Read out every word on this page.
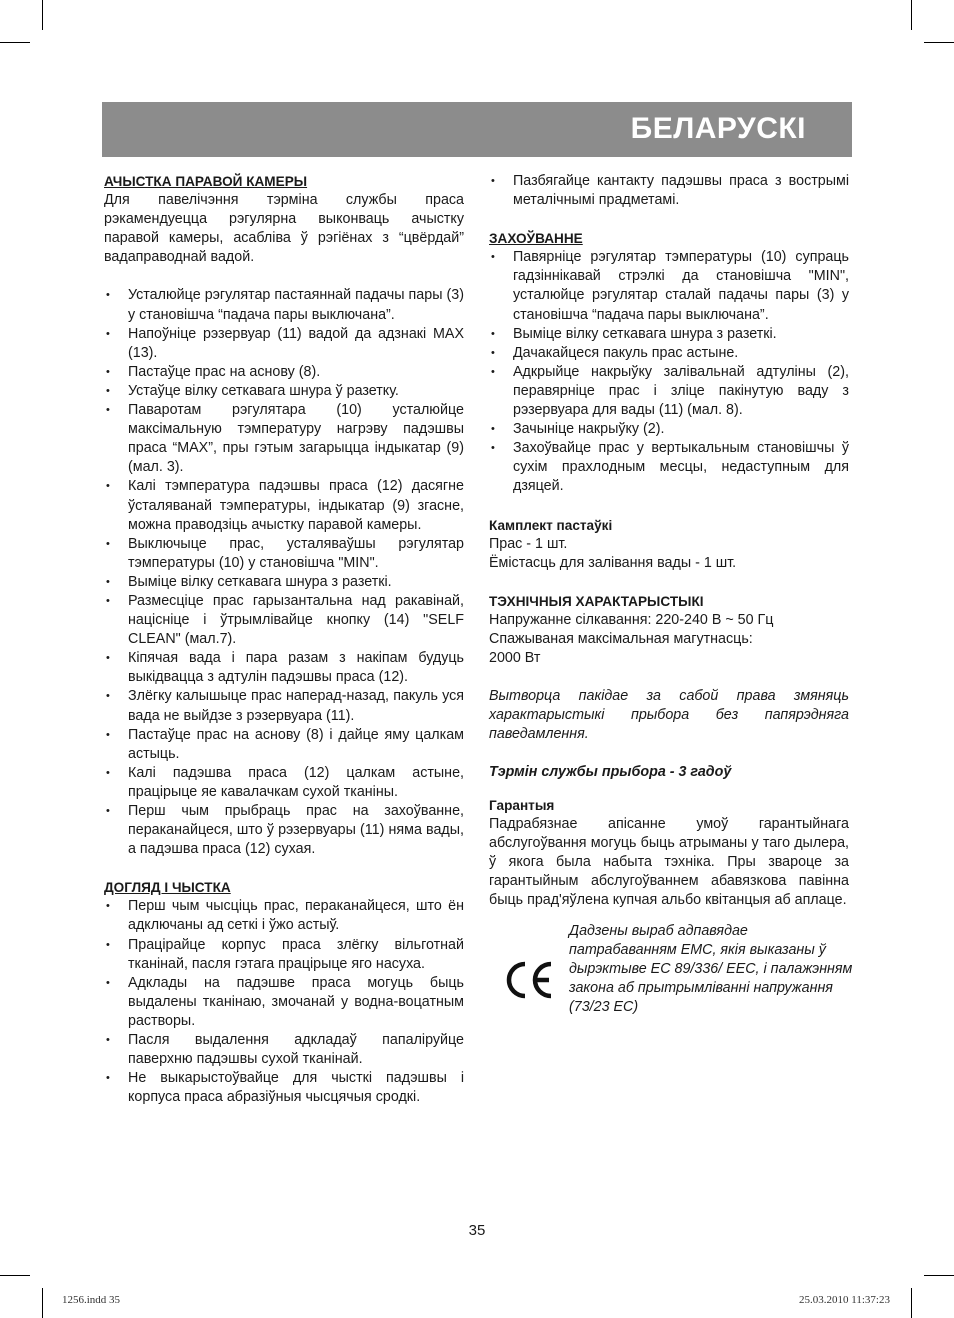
БЕЛАРУСКІ
АЧЫСТКА ПАРАВОЙ КАМЕРЫ
Для павелічэння тэрміна службы праса рэкамендуецца рэгулярна выконваць ачыстку паравой камеры, асабліва ў рэгіёнах з “цвёрдай” вадаправоднай вадой.
• Усталюйце рэгулятар пастаяннай падачы пары (3) у становішча “падача пары выключана”.
• Напоўніце рэзервуар (11) вадой да адзнакі MAX (13).
• Пастаўце прас на аснову (8).
• Устаўце вілку сеткавага шнура ў разетку.
• Паваротам рэгулятара (10) усталюйце максімальную тэмпературу нагрэву падэшвы праса “MAX”, пры гэтым загарыцца індыкатар (9) (мал. 3).
• Калі тэмпература падэшвы праса (12) дасягне ўсталяванай тэмпературы, індыкатар (9) згасне, можна праводзіць ачыстку паравой камеры.
• Выключыце прас, усталяваўшы рэгулятар тэмпературы (10) у становішча "MIN".
• Выміце вілку сеткавага шнура з разеткі.
• Размесціце прас гарызантальна над ракавінай, націсніце і ўтрымлівайце кнопку (14) "SELF CLEAN" (мал.7).
• Кіпячая вада і пара разам з накіпам будуць выкідвацца з адтулін падэшвы праса (12).
• Злёгку калышыце прас наперад-назад, пакуль уся вада не выйдзе з рэзервуара (11).
• Пастаўце прас на аснову (8) і дайце яму цалкам астыць.
• Калі падэшва праса (12) цалкам астыне, працірыце яе кавалачкам сухой тканіны.
• Перш чым прыбраць прас на захоўванне, пераканайцеся, што ў рэзервуары (11) няма вады, а падэшва праса (12) сухая.
ДОГЛЯД І ЧЫСТКА
• Перш чым чысціць прас, пераканайцеся, што ён адключаны ад сеткі і ўжо астыў.
• Працірайце корпус праса злёгку вільготнай тканінай, пасля гэтага працірыце яго насуха.
• Адклады на падэшве праса могуць быць выдалены тканінаю, змочанай у водна-воцатным растворы.
• Пасля выдалення адкладаў папаліруйце паверхню падэшвы сухой тканінай.
• Не выкарыстоўвайце для чысткі падэшвы і корпуса праса абразіўныя чысцячыя сродкі.
• Пазбягайце кантакту падэшвы праса з вострымі металічнымі прадметамі.
ЗАХОЎВАННЕ
• Павярніце рэгулятар тэмпературы (10) супраць гадзіннікавай стрэлкі да становішча "MIN", усталюйце рэгулятар сталай падачы пары (3) у становішча “падача пары выключана”.
• Выміце вілку сеткавага шнура з разеткі.
• Дачакайцеся пакуль прас астыне.
• Адкрыйце накрыўку залівальнай адтуліны (2), перавярніце прас і зліце пакінутую ваду з рэзервуара для вады (11) (мал. 8).
• Зачыніце накрыўку (2).
• Захоўвайце прас у вертыкальным становішчы ў сухім прахлодным месцы, недаступным для дзяцей.
Камплект пастаўкі
Прас - 1 шт.
Ёмістасць для залівання вады - 1 шт.
ТЭХНІЧНЫЯ ХАРАКТАРЫСТЫКІ
Напружанне сілкавання: 220-240 В ~ 50 Гц
Спажываная максімальная магутнасць:
2000 Вт
Вытворца пакідае за сабой права змяняць характарыстыкі прыбора без папярэдняга паведамлення.
Тэрмін службы прыбора - 3 гадоў
Гарантыя
Падрабязнае апісанне умоў гарантыйнага абслугоўвання могуць быць атрыманы у таго дылера, ў якога была набыта тэхніка. Пры звароце за гарантыйным абслугоўваннем абавязкова павінна быць прад'яўлена купчая альбо квітанцыя аб аплаце.
Дадзены выраб адпавядае патрабаванням ЕМС, якія выказаны ў дырэктыве ЕС 89/336/ ЕЕС, і палажэнням закона аб прытрымліванні напружання (73/23 ЕС)
35
1256.indd 35	25.03.2010 11:37:23
